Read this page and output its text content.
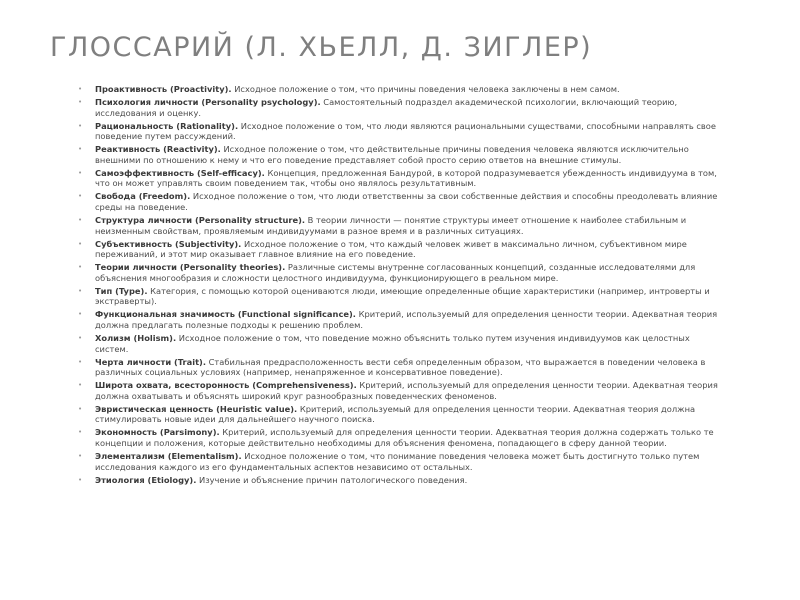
ГЛОССАРИЙ (Л. ХЬЕЛЛ, Д. ЗИГЛЕР)
• Проактивность (Proactivity). Исходное положение о том, что причины поведения человека заключены в нем самом.
• Психология личности (Personality psychology). Самостоятельный подраздел академической психологии, включающий теорию, исследования и оценку.
• Рациональность (Rationality). Исходное положение о том, что люди являются рациональными существами, способными направлять свое поведение путем рассуждений.
• Реактивность (Reactivity). Исходное положение о том, что действительные причины поведения человека являются исключительно внешними по отношению к нему и что его поведение представляет собой просто серию ответов на внешние стимулы.
• Самоэффективность (Self-efficacy). Концепция, предложенная Бандурой, в которой подразумевается убежденность индивидуума в том, что он может управлять своим поведением так, чтобы оно являлось результативным.
• Свобода (Freedom). Исходное положение о том, что люди ответственны за свои собственные действия и способны преодолевать влияние среды на поведение.
• Структура личности (Personality structure). В теории личности — понятие структуры имеет отношение к наиболее стабильным и неизменным свойствам, проявляемым индивидуумами в разное время и в различных ситуациях.
• Субъективность (Subjectivity). Исходное положение о том, что каждый человек живет в максимально личном, субъективном мире переживаний, и этот мир оказывает главное влияние на его поведение.
• Теории личности (Personality theories). Различные системы внутренне согласованных концепций, созданные исследователями для объяснения многообразия и сложности целостного индивидуума, функционирующего в реальном мире.
• Тип (Type). Категория, с помощью которой оцениваются люди, имеющие определенные общие характеристики (например, интроверты и экстраверты).
• Функциональная значимость (Functional significance). Критерий, используемый для определения ценности теории. Адекватная теория должна предлагать полезные подходы к решению проблем.
• Холизм (Holism). Исходное положение о том, что поведение можно объяснить только путем изучения индивидуумов как целостных систем.
• Черта личности (Trait). Стабильная предрасположенность вести себя определенным образом, что выражается в поведении человека в различных социальных условиях (например, ненапряженное и консервативное поведение).
• Широта охвата, всесторонность (Comprehensiveness). Критерий, используемый для определения ценности теории. Адекватная теория должна охватывать и объяснять широкий круг разнообразных поведенческих феноменов.
• Эвристическая ценность (Heuristic value). Критерий, используемый для определения ценности теории. Адекватная теория должна стимулировать новые идеи для дальнейшего научного поиска.
• Экономность (Parsimony). Критерий, используемый для определения ценности теории. Адекватная теория должна содержать только те концепции и положения, которые действительно необходимы для объяснения феномена, попадающего в сферу данной теории.
• Элементализм (Elementalism). Исходное положение о том, что понимание поведения человека может быть достигнуто только путем исследования каждого из его фундаментальных аспектов независимо от остальных.
• Этиология (Etiology). Изучение и объяснение причин патологического поведения.
